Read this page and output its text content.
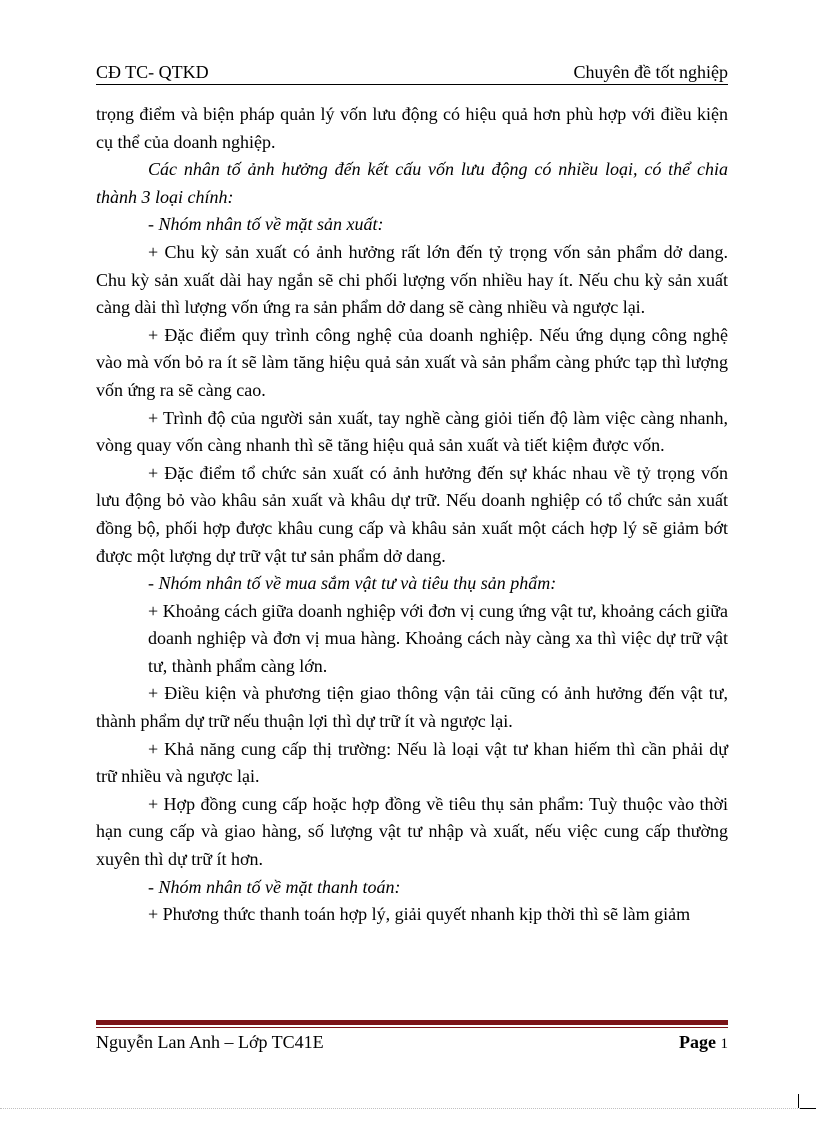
CĐ TC- QTKD	Chuyên đề tốt nghiệp

trọng điểm và biện pháp quản lý vốn lưu động có hiệu quả hơn phù hợp với điều kiện cụ thể của doanh nghiệp.

Các nhân tố ảnh hưởng đến kết cấu vốn lưu động có nhiều loại, có thể chia thành 3 loại chính:

- Nhóm nhân tố về mặt sản xuất:

+ Chu kỳ sản xuất có ảnh hưởng rất lớn đến tỷ trọng vốn sản phẩm dở dang. Chu kỳ sản xuất dài hay ngắn sẽ chi phối lượng vốn nhiều hay ít. Nếu chu kỳ sản xuất càng dài thì lượng vốn ứng ra sản phẩm dở dang sẽ càng nhiều và ngược lại.

+ Đặc điểm quy trình công nghệ của doanh nghiệp. Nếu ứng dụng công nghệ vào mà vốn bỏ ra ít sẽ làm tăng hiệu quả sản xuất và sản phẩm càng phức tạp thì lượng vốn ứng ra sẽ càng cao.

+ Trình độ của người sản xuất, tay nghề càng giỏi tiến độ làm việc càng nhanh, vòng quay vốn càng nhanh thì sẽ tăng hiệu quả sản xuất và tiết kiệm được vốn.

+ Đặc điểm tổ chức sản xuất có ảnh hưởng đến sự khác nhau về tỷ trọng vốn lưu động bỏ vào khâu sản xuất và khâu dự trữ. Nếu doanh nghiệp có tổ chức sản xuất đồng bộ, phối hợp được khâu cung cấp và khâu sản xuất một cách hợp lý sẽ giảm bớt được một lượng dự trữ vật tư sản phẩm dở dang.

- Nhóm nhân tố về mua sắm vật tư và tiêu thụ sản phẩm:

+ Khoảng cách giữa doanh nghiệp với đơn vị cung ứng vật tư, khoảng cách giữa doanh nghiệp và đơn vị mua hàng. Khoảng cách này càng xa thì việc dự trữ vật tư, thành phẩm càng lớn.

+ Điều kiện và phương tiện giao thông vận tải cũng có ảnh hưởng đến vật tư, thành phẩm dự trữ nếu thuận lợi thì dự trữ ít và ngược lại.

+ Khả năng cung cấp thị trường: Nếu là loại vật tư khan hiếm thì cần phải dự trữ nhiều và ngược lại.

+ Hợp đồng cung cấp hoặc hợp đồng về tiêu thụ sản phẩm: Tuỳ thuộc vào thời hạn cung cấp và giao hàng, số lượng vật tư nhập và xuất, nếu việc cung cấp thường xuyên thì dự trữ ít hơn.

- Nhóm nhân tố về mặt thanh toán:

+ Phương thức thanh toán hợp lý, giải quyết nhanh kịp thời thì sẽ làm giảm

Nguyễn Lan Anh – Lớp TC41E	Page 1
